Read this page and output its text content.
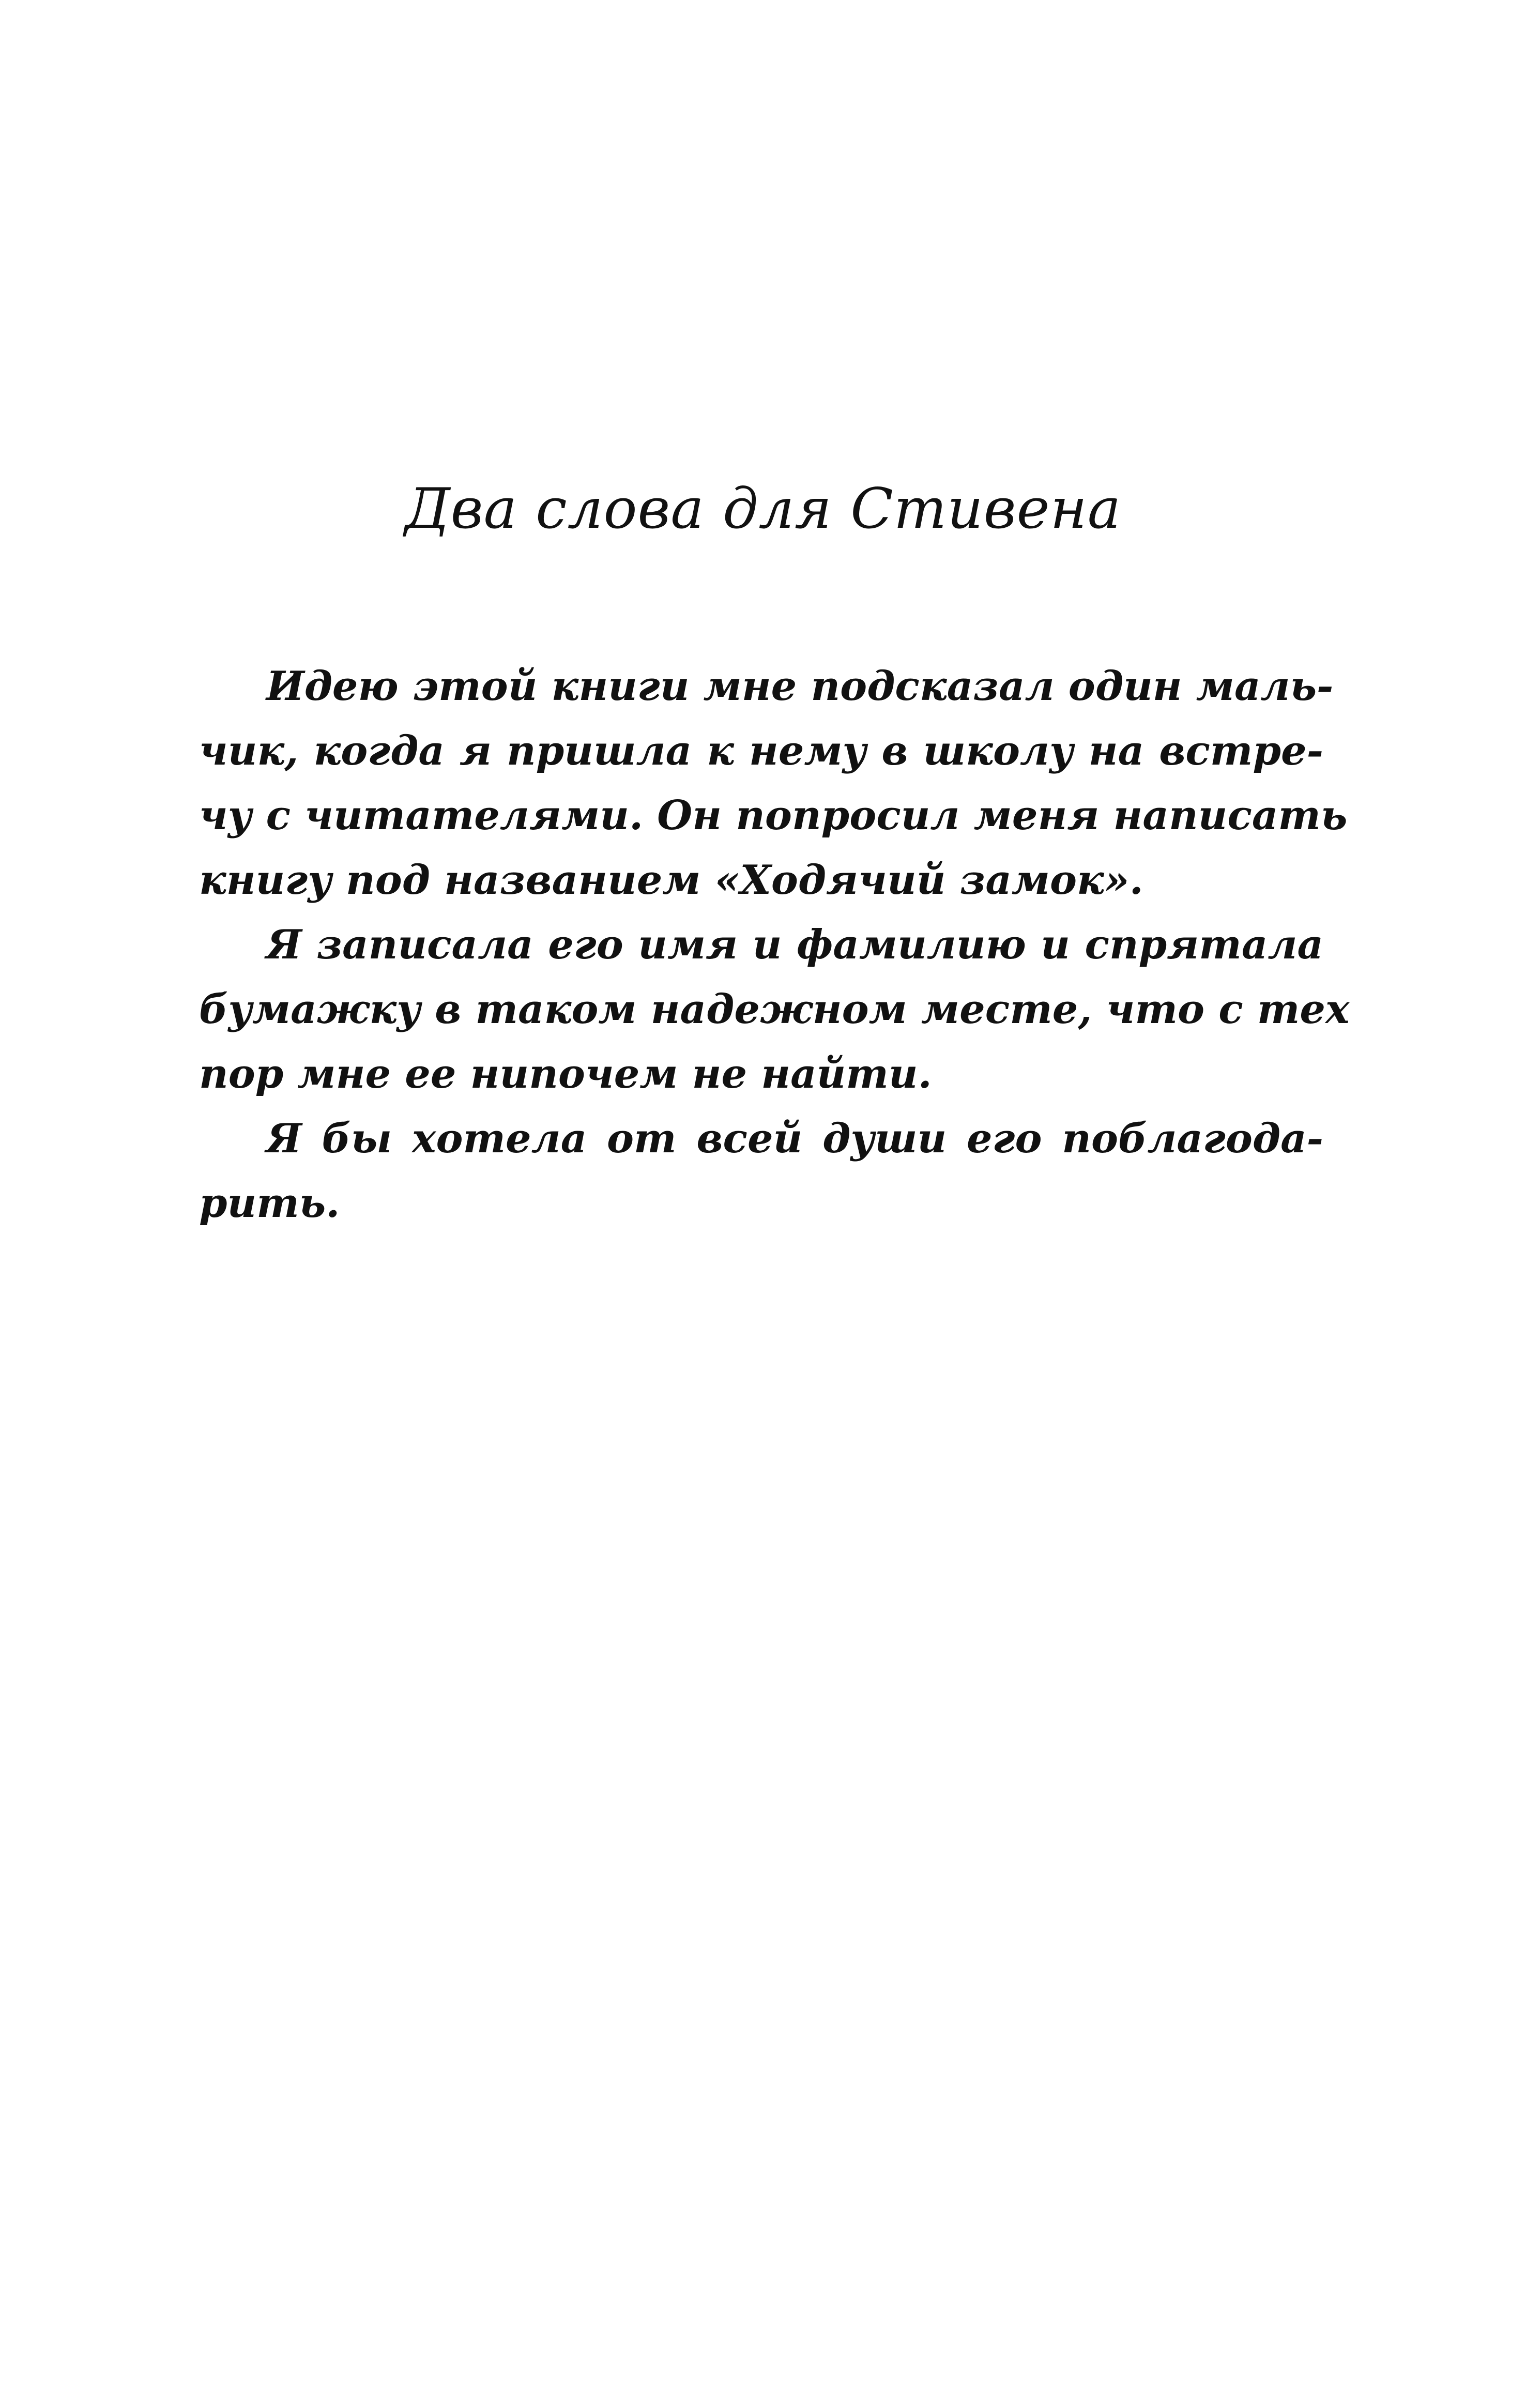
Два слова для Стивена
Идею этой книги мне подсказал один маль-
чик, когда я пришла к нему в школу на встре-
чу с читателями. Он попросил меня написать
книгу под названием «Ходячий замок».
Я записала его имя и фамилию и спрятала
бумажку в таком надежном месте, что с тех
пор мне ее нипочем не найти.
Я бы хотела от всей души его поблагода-
рить.
